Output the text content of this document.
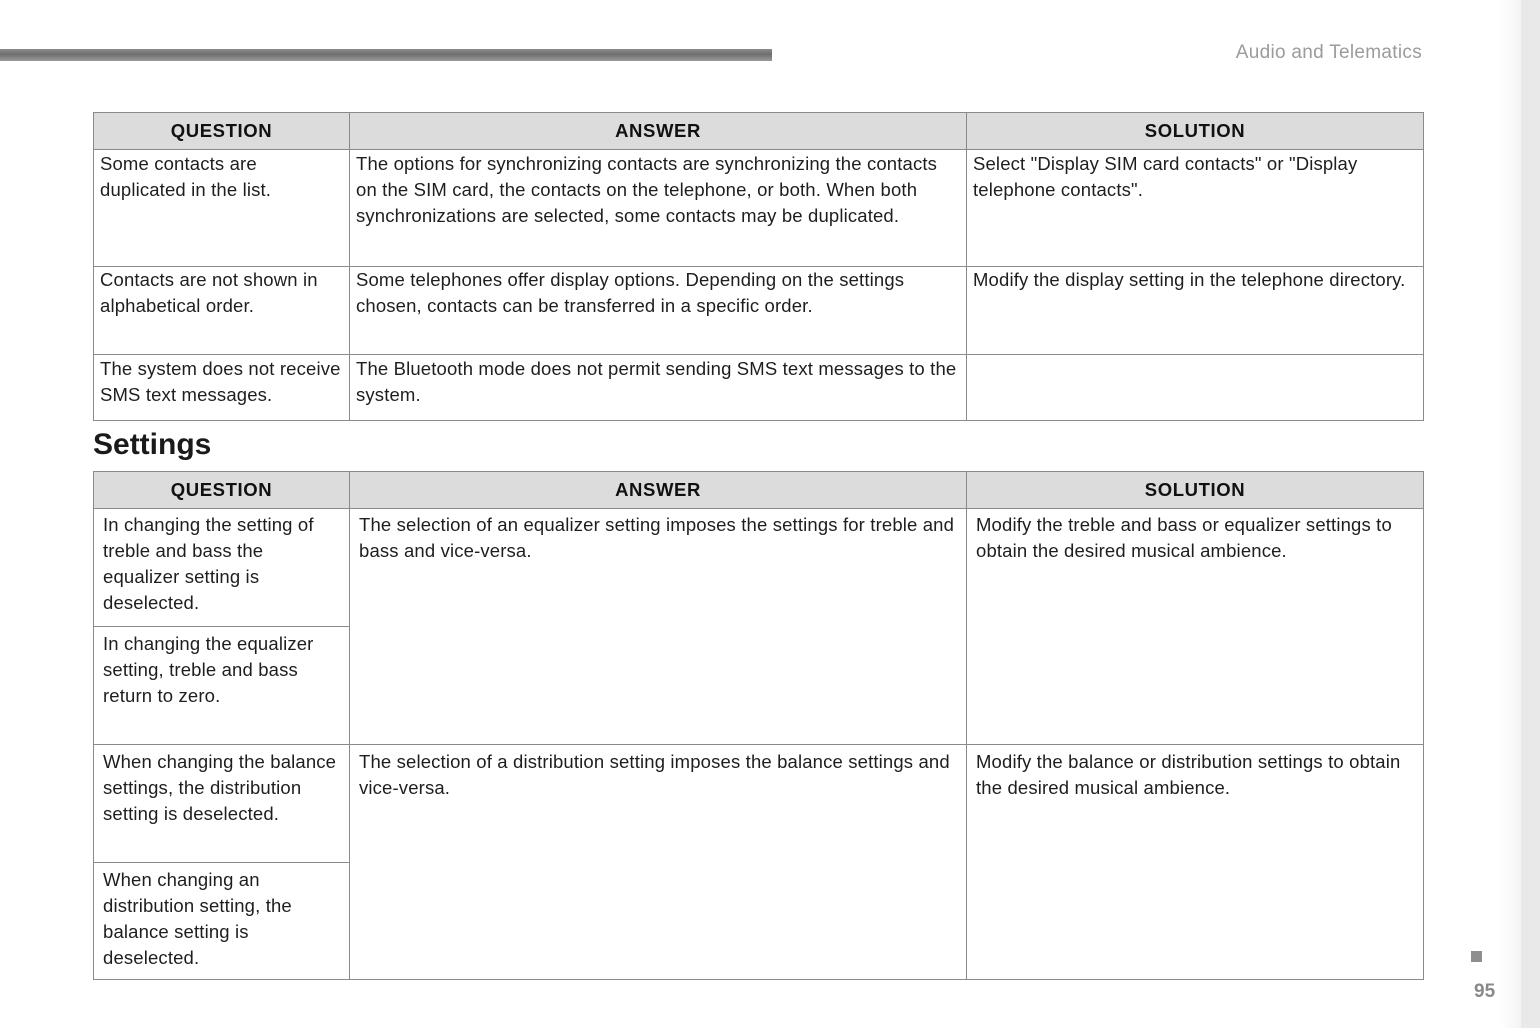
Audio and Telematics
QUESTION	ANSWER	SOLUTION
Some contacts are duplicated in the list.	The options for synchronizing contacts are synchronizing the contacts on the SIM card, the contacts on the telephone, or both. When both synchronizations are selected, some contacts may be duplicated.	Select "Display SIM card contacts" or "Display telephone contacts".
Contacts are not shown in alphabetical order.	Some telephones offer display options. Depending on the settings chosen, contacts can be transferred in a specific order.	Modify the display setting in the telephone directory.
The system does not receive SMS text messages.	The Bluetooth mode does not permit sending SMS text messages to the system.	
Settings
QUESTION	ANSWER	SOLUTION
In changing the setting of treble and bass the equalizer setting is deselected.	The selection of an equalizer setting imposes the settings for treble and bass and vice-versa.	Modify the treble and bass or equalizer settings to obtain the desired musical ambience.
In changing the equalizer setting, treble and bass return to zero.		
When changing the balance settings, the distribution setting is deselected.	The selection of a distribution setting imposes the balance settings and vice-versa.	Modify the balance or distribution settings to obtain the desired musical ambience.
When changing an distribution setting, the balance setting is deselected.		
95
